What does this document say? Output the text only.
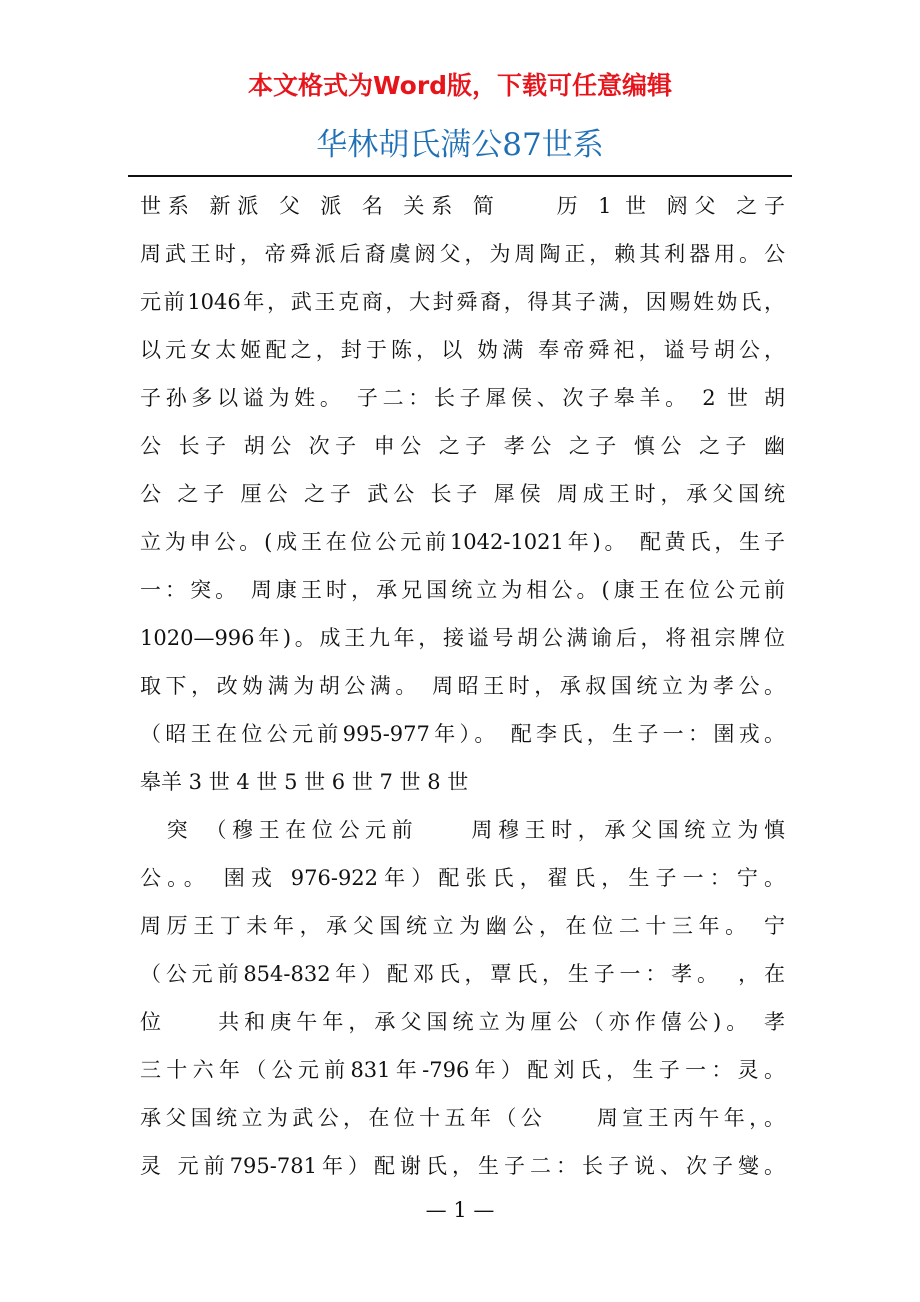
本文格式为Word版，下载可任意编辑
华林胡氏满公87世系
世系 新派 父 派 名 关系 简　　历 1 世 阏父 之子
周武王时，帝舜派后裔虞阏父，为周陶正，赖其利器用。公
元前1046年，武王克商，大封舜裔，得其子满，因赐姓妫氏，
以元女太姬配之，封于陈，以 妫满 奉帝舜祀，谥号胡公，
子孙多以谥为姓。 子二：长子犀侯、次子皋羊。 2 世 胡
公 长子 胡公 次子 申公 之子 孝公 之子 慎公 之子 幽
公 之子 厘公 之子 武公 长子 犀侯 周成王时，承父国统
立为申公。(成王在位公元前1042-1021年)。 配黄氏，生子
一：突。 周康王时，承兄国统立为相公。(康王在位公元前
1020—996年)。成王九年，接谥号胡公满谕后，将祖宗牌位
取下，改妫满为胡公满。 周昭王时，承叔国统立为孝公。
（昭王在位公元前995-977年）。 配李氏，生子一：圉戎。
皋羊 3 世 4 世 5 世 6 世 7 世 8 世
　突 （穆王在位公元前　　周穆王时，承父国统立为慎
公。。 圉戎 976-922年）配张氏，翟氏，生子一：宁。
周厉王丁未年，承父国统立为幽公，在位二十三年。 宁
（公元前854-832年）配邓氏，覃氏，生子一：孝。　，在
位　　共和庚午年，承父国统立为厘公（亦作僖公)。 孝
三十六年（公元前831年-796年）配刘氏，生子一：灵。
承父国统立为武公，在位十五年（公　　周宣王丙午年，。
灵 元前795-781年）配谢氏，生子二：长子说、次子燮。
— 1 —
